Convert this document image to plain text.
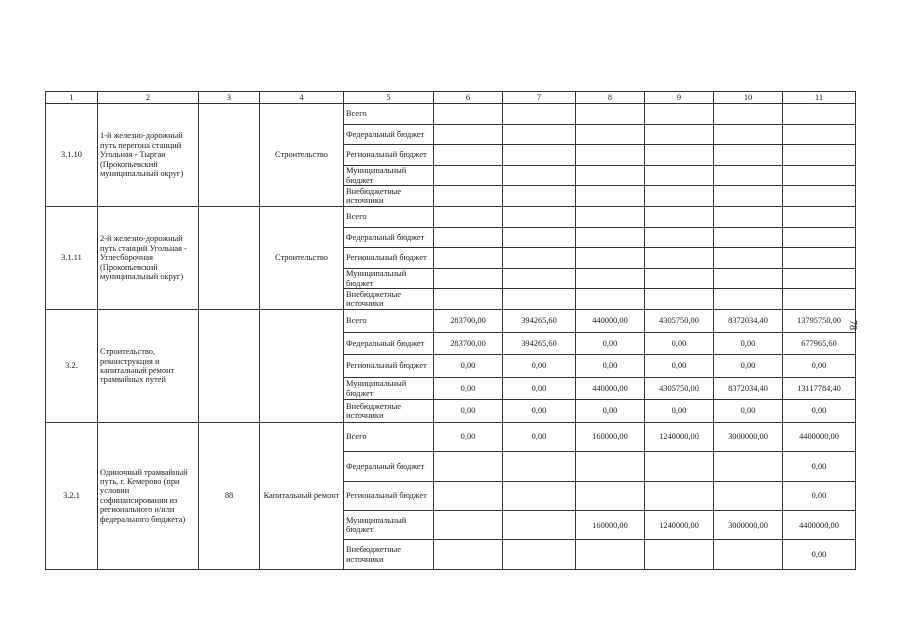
1	2	3	4	5	6	7	8	9	10	11
3.1.10	1-й железно-дорожный путь перегона станций Угольная - Тыргаи (Прокопьевский муниципальный округ)		Строительство	Всего						
				Федеральный бюджет						
				Региональный бюджет						
				Муниципальный бюджет						
				Внебюджетные источники						
3.1.11	2-й железно-дорожный путь станций Угольная - Углесборочная (Прокопьевский муниципальный округ)		Строительство	Всего						
				Федеральный бюджет						
				Региональный бюджет						
				Муниципальный бюджет						
				Внебюджетные источники						
3.2.	Строительство, реконструкция и капитальный ремонт трамвайных путей			Всего	283700,00	394265,60	440000,00	4305750,00	8372034,40	13795750,00
				Федеральный бюджет	283700,00	394265,60	0,00	0,00	0,00	677965,60
				Региональный бюджет	0,00	0,00	0,00	0,00	0,00	0,00
				Муниципальный бюджет	0,00	0,00	440000,00	4305750,00	8372034,40	13117784,40
				Внебюджетные источники	0,00	0,00	0,00	0,00	0,00	0,00
3.2.1	Одиночный трамвайный путь, г. Кемерово (при условии софинансирования из регионального и/или федерального бюджета)	88	Капитальный ремонт	Всего	0,00	0,00	160000,00	1240000,00	3000000,00	4400000,00
				Федеральный бюджет						0,00
				Региональный бюджет						0,00
				Муниципальный бюджет			160000,00	1240000,00	3000000,00	4400000,00
				Внебюджетные источники						0,00
78
